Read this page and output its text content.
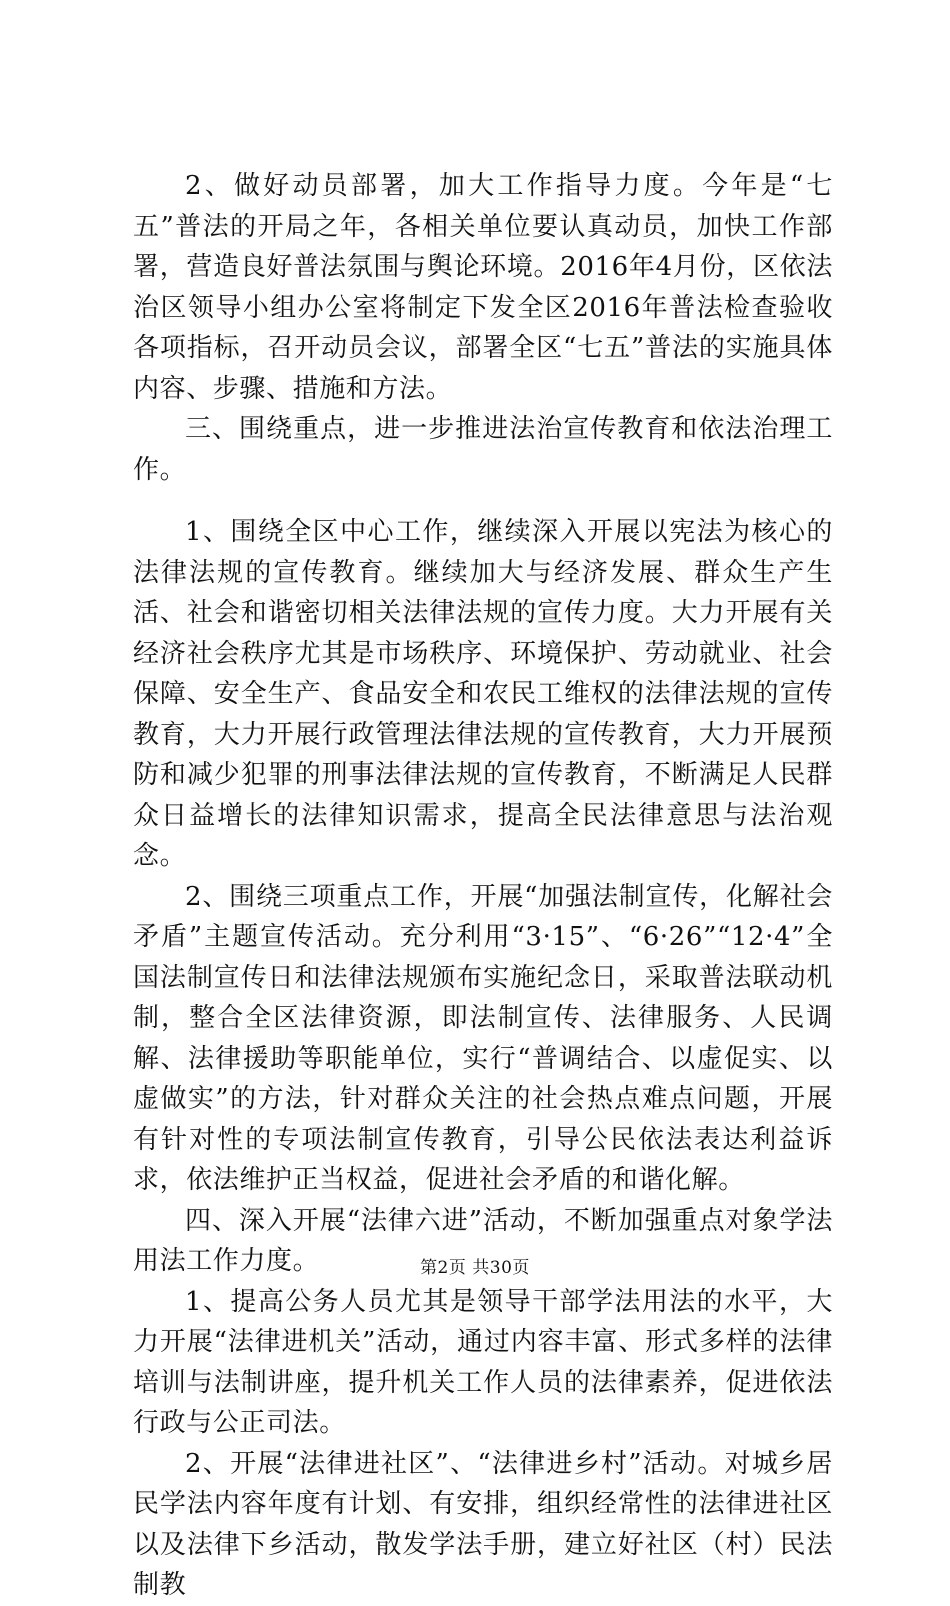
2、做好动员部署，加大工作指导力度。今年是“七五”普法的开局之年，各相关单位要认真动员，加快工作部署，营造良好普法氛围与舆论环境。2016年4月份，区依法治区领导小组办公室将制定下发全区2016年普法检查验收各项指标，召开动员会议，部署全区“七五”普法的实施具体内容、步骤、措施和方法。

三、围绕重点，进一步推进法治宣传教育和依法治理工作。

1、围绕全区中心工作，继续深入开展以宪法为核心的法律法规的宣传教育。继续加大与经济发展、群众生产生活、社会和谐密切相关法律法规的宣传力度。大力开展有关经济社会秩序尤其是市场秩序、环境保护、劳动就业、社会保障、安全生产、食品安全和农民工维权的法律法规的宣传教育，大力开展行政管理法律法规的宣传教育，大力开展预防和减少犯罪的刑事法律法规的宣传教育，不断满足人民群众日益增长的法律知识需求，提高全民法律意思与法治观念。

2、围绕三项重点工作，开展“加强法制宣传，化解社会矛盾”主题宣传活动。充分利用“3·15”、“6·26”“12·4”全国法制宣传日和法律法规颁布实施纪念日，采取普法联动机制，整合全区法律资源，即法制宣传、法律服务、人民调解、法律援助等职能单位，实行“普调结合、以虚促实、以虚做实”的方法，针对群众关注的社会热点难点问题，开展有针对性的专项法制宣传教育，引导公民依法表达利益诉求，依法维护正当权益，促进社会矛盾的和谐化解。

四、深入开展“法律六进”活动，不断加强重点对象学法用法工作力度。

1、提高公务人员尤其是领导干部学法用法的水平，大力开展“法律进机关”活动，通过内容丰富、形式多样的法律培训与法制讲座，提升机关工作人员的法律素养，促进依法行政与公正司法。

2、开展“法律进社区”、“法律进乡村”活动。对城乡居民学法内容年度有计划、有安排，组织经常性的法律进社区以及法律下乡活动，散发学法手册，建立好社区（村）民法制教

第2页 共30页
